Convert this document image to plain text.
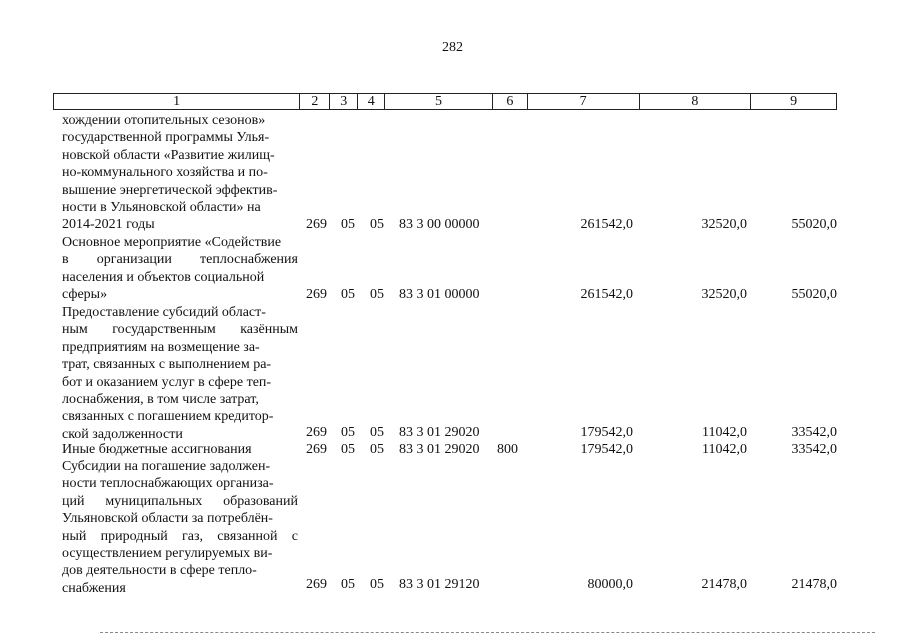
282
1	2	3	4	5	6	7	8	9
хождении отопительных сезонов»
государственной программы Улья-
новской области «Развитие жилищ-
но-коммунального хозяйства и по-
вышение энергетической эффектив-
ности в Ульяновской области» на
2014-2021 годы	269 05 05 83 3 00 00000	261542,0	32520,0	55020,0
Основное мероприятие «Содействие
в организации теплоснабжения
населения и объектов социальной
сферы»	269 05 05 83 3 01 00000	261542,0	32520,0	55020,0
Предоставление субсидий област-
ным государственным казённым
предприятиям на возмещение за-
трат, связанных с выполнением ра-
бот и оказанием услуг в сфере теп-
лоснабжения, в том числе затрат,
связанных с погашением кредитор-
ской задолженности	269 05 05 83 3 01 29020	179542,0	11042,0	33542,0
Иные бюджетные ассигнования	269 05 05 83 3 01 29020 800	179542,0	11042,0	33542,0
Субсидии на погашение задолжен-
ности теплоснабжающих организа-
ций муниципальных образований
Ульяновской области за потреблён-
ный природный газ, связанной с
осуществлением регулируемых ви-
дов деятельности в сфере тепло-
снабжения	269 05 05 83 3 01 29120	80000,0	21478,0	21478,0
